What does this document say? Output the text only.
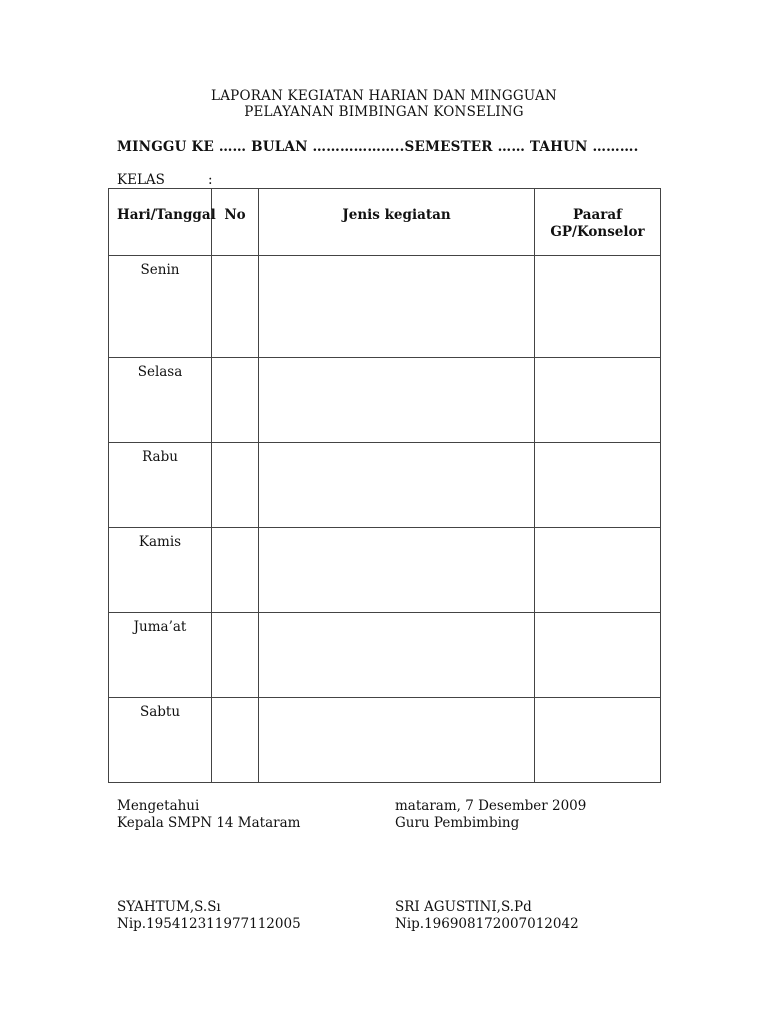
LAPORAN KEGIATAN HARIAN DAN MINGGUAN
PELAYANAN BIMBINGAN KONSELING
MINGGU KE …… BULAN ………………..SEMESTER …… TAHUN ……….
KELAS	:
Hari/Tanggal	No	Jenis kegiatan	Paaraf
GP/Konselor

Senin			
Selasa			
Rabu			
Kamis			
Juma’at			
Sabtu			
Mengetahui
Kepala SMPN 14 Mataram
mataram, 7 Desember 2009
Guru Pembimbing
SYAHTUM,S.Sı
Nip.195412311977112005
SRI AGUSTINI,S.Pd
Nip.196908172007012042
